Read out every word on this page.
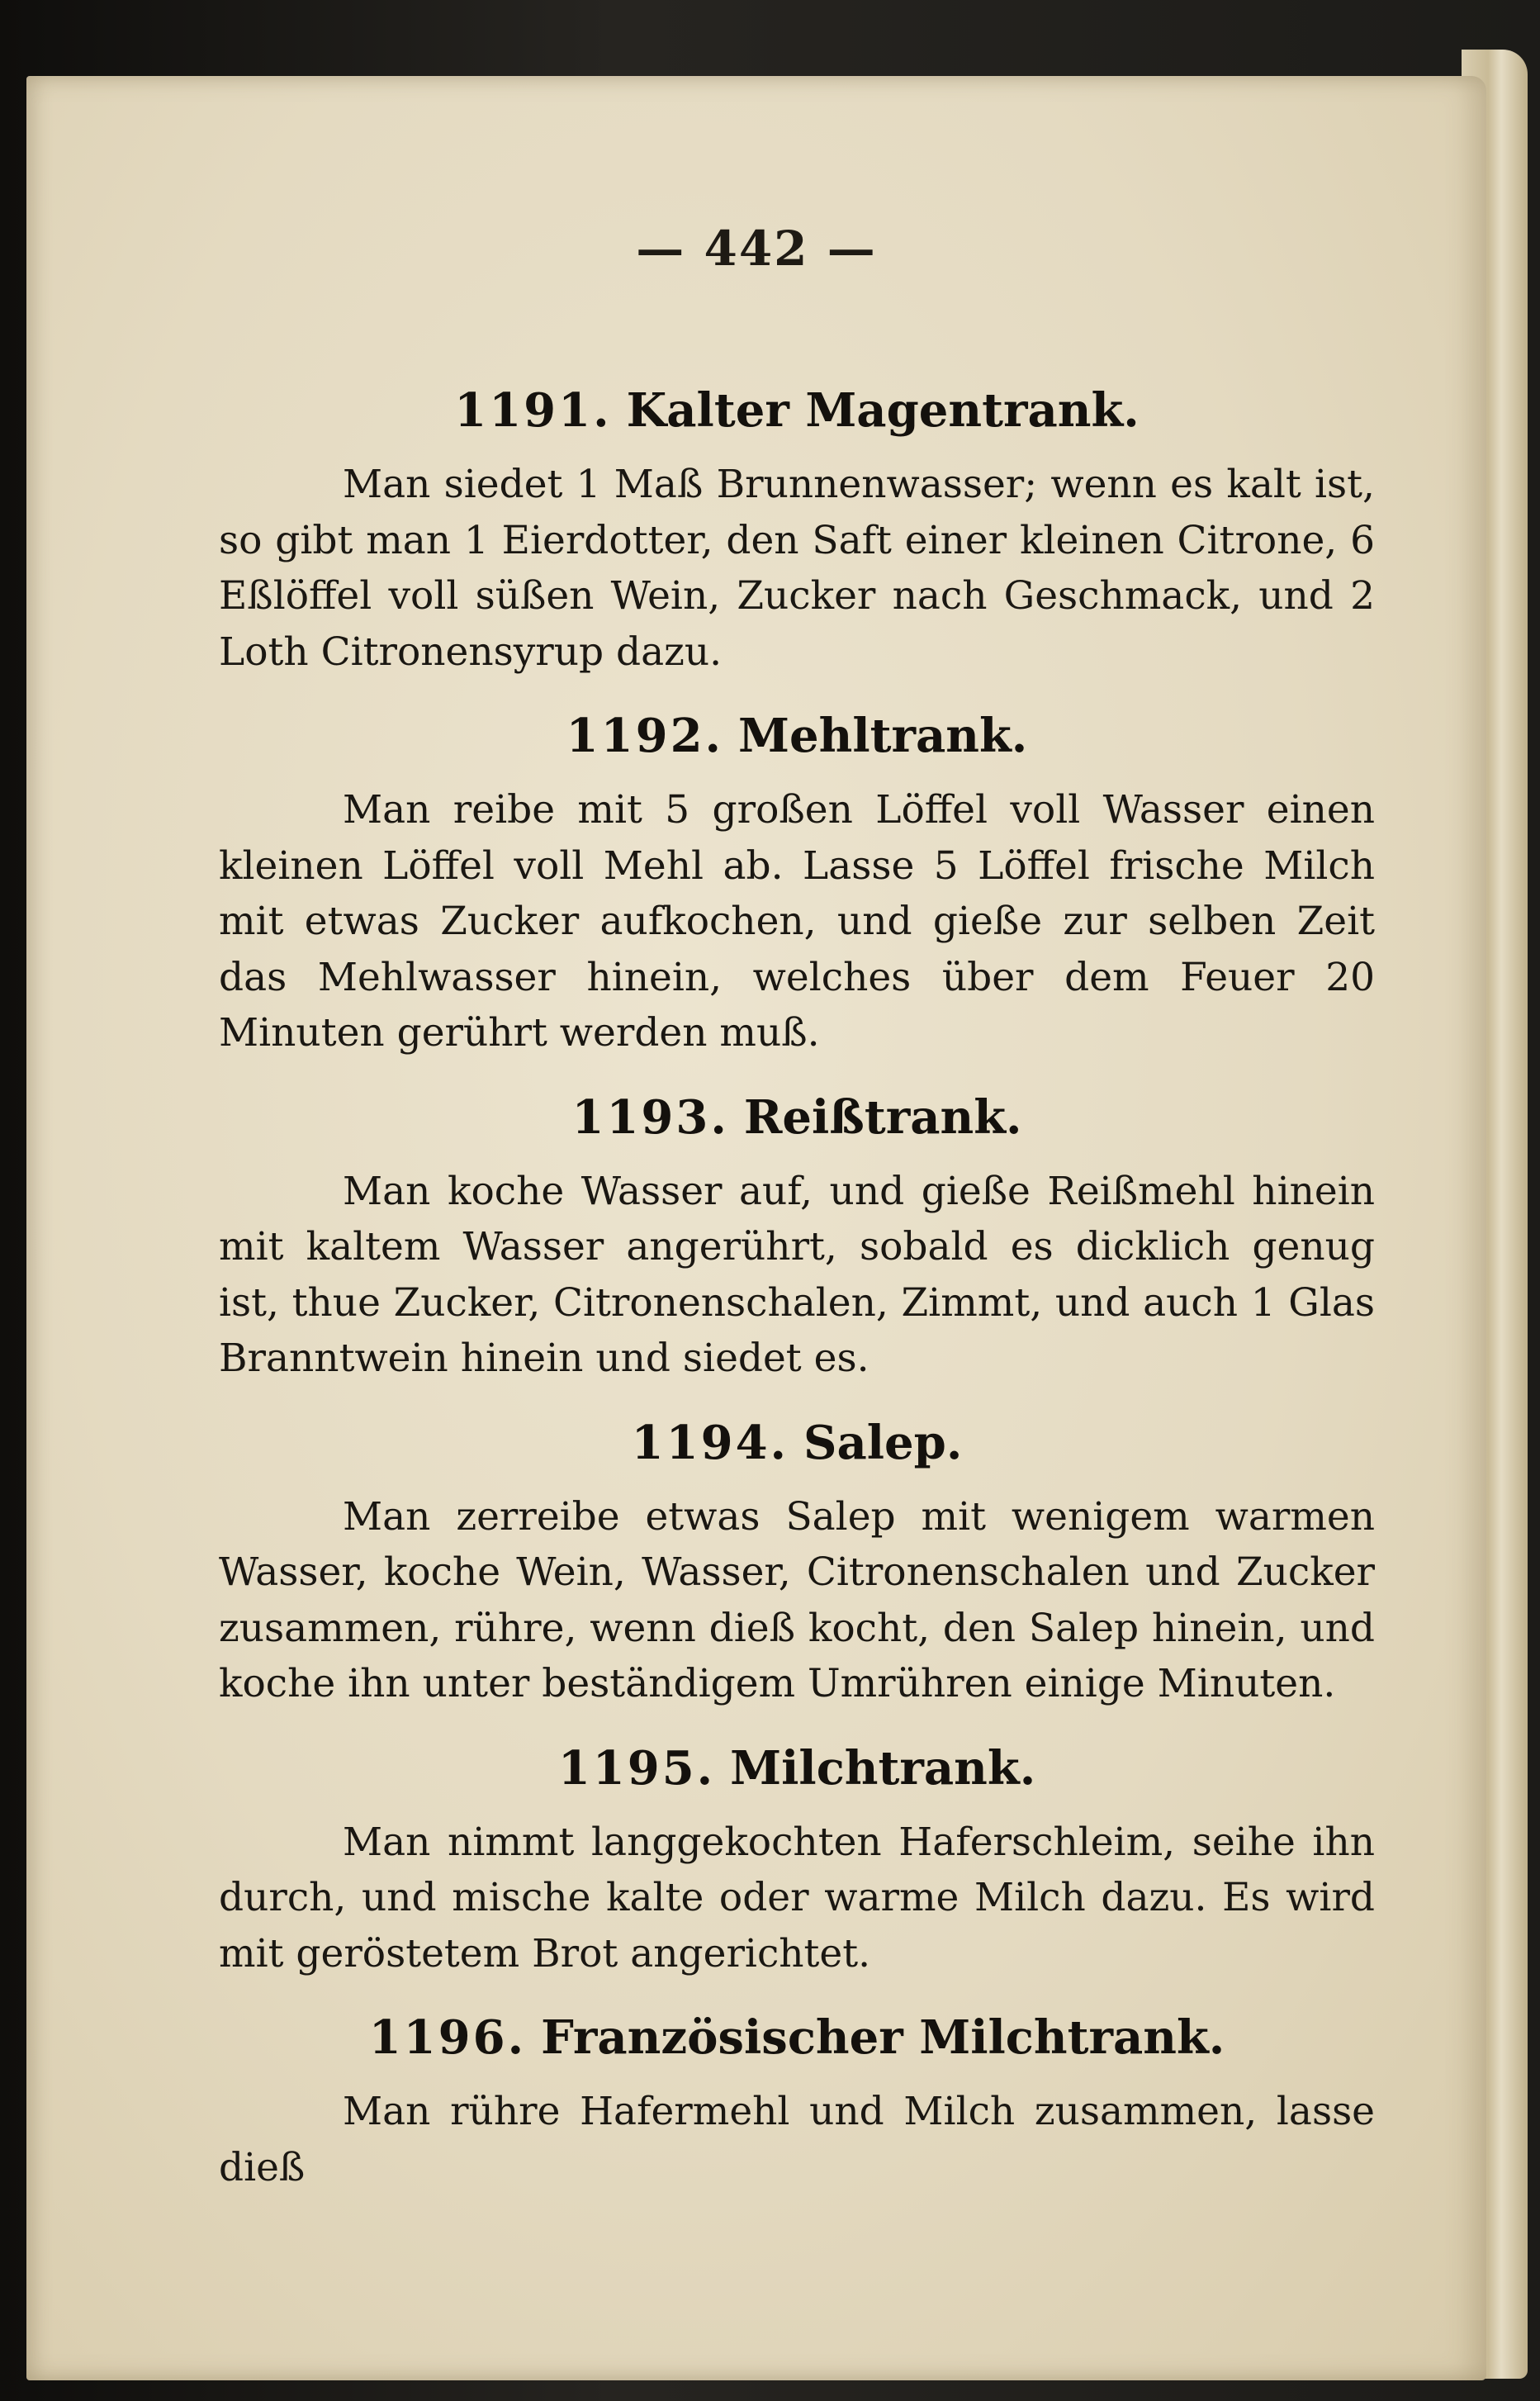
— 442 —
1191. Kalter Magentrank.
Man siedet 1 Maß Brunnenwasser; wenn es kalt ist, so gibt man 1 Eierdotter, den Saft einer kleinen Citrone, 6 Eßlöffel voll süßen Wein, Zucker nach Geschmack, und 2 Loth Citronensyrup dazu.
1192. Mehltrank.
Man reibe mit 5 großen Löffel voll Wasser einen kleinen Löffel voll Mehl ab. Lasse 5 Löffel frische Milch mit etwas Zucker aufkochen, und gieße zur selben Zeit das Mehlwasser hinein, welches über dem Feuer 20 Minuten gerührt werden muß.
1193. Reißtrank.
Man koche Wasser auf, und gieße Reißmehl hinein mit kaltem Wasser angerührt, sobald es dicklich genug ist, thue Zucker, Citronenschalen, Zimmt, und auch 1 Glas Branntwein hinein und siedet es.
1194. Salep.
Man zerreibe etwas Salep mit wenigem warmen Wasser, koche Wein, Wasser, Citronenschalen und Zucker zusammen, rühre, wenn dieß kocht, den Salep hinein, und koche ihn unter beständigem Umrühren einige Minuten.
1195. Milchtrank.
Man nimmt langgekochten Haferschleim, seihe ihn durch, und mische kalte oder warme Milch dazu. Es wird mit geröstetem Brot angerichtet.
1196. Französischer Milchtrank.
Man rühre Hafermehl und Milch zusammen, lasse dieß
